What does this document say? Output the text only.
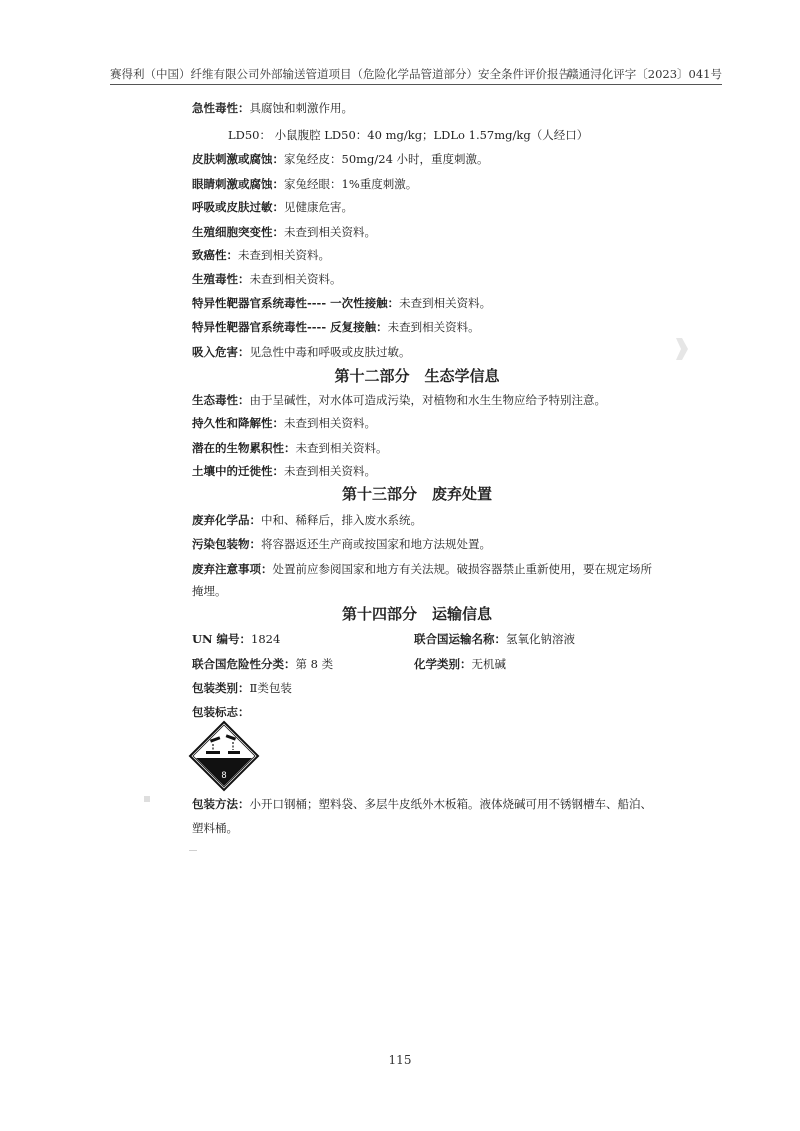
赛得利（中国）纤维有限公司外部输送管道项目（危险化学品管道部分）安全条件评价报告
赣通浔化评字〔2023〕041号
急性毒性：具腐蚀和刺激作用。
LD50： 小鼠腹腔 LD50：40 mg/kg；LDLo 1.57mg/kg（人经口）
皮肤刺激或腐蚀：家兔经皮：50mg/24 小时，重度刺激。
眼睛刺激或腐蚀：家兔经眼：1%重度刺激。
呼吸或皮肤过敏：见健康危害。
生殖细胞突变性：未查到相关资料。
致癌性：未查到相关资料。
生殖毒性：未查到相关资料。
特异性靶器官系统毒性---- 一次性接触：未查到相关资料。
特异性靶器官系统毒性---- 反复接触：未查到相关资料。
吸入危害：见急性中毒和呼吸或皮肤过敏。
第十二部分　生态学信息
生态毒性：由于呈碱性，对水体可造成污染，对植物和水生生物应给予特别注意。
持久性和降解性：未查到相关资料。
潜在的生物累积性：未查到相关资料。
土壤中的迁徙性：未查到相关资料。
第十三部分　废弃处置
废弃化学品：中和、稀释后，排入废水系统。
污染包装物：将容器返还生产商或按国家和地方法规处置。
废弃注意事项：处置前应参阅国家和地方有关法规。破损容器禁止重新使用，要在规定场所
掩埋。
第十四部分　运输信息
UN 编号：1824	联合国运输名称：氢氧化钠溶液
联合国危险性分类：第 8 类	化学类别：无机碱
包装类别：Ⅱ类包装
包装标志：
包装方法：小开口钢桶；塑料袋、多层牛皮纸外木板箱。液体烧碱可用不锈钢槽车、船泊、
塑料桶。
8
115
